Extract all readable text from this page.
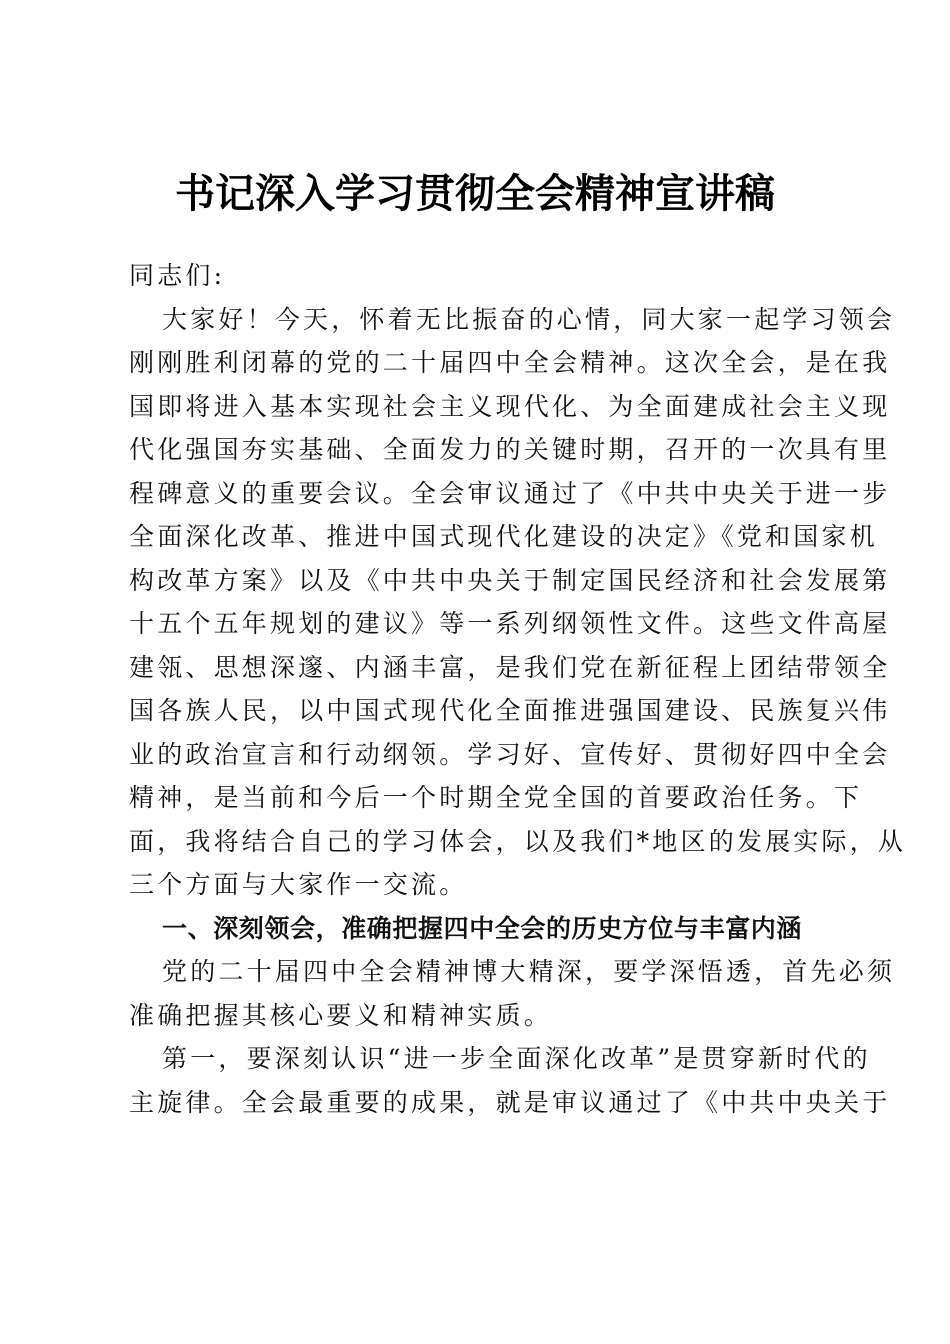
书记深入学习贯彻全会精神宣讲稿
同志们:
大家好！今天，怀着无比振奋的心情，同大家一起学习领会
刚刚胜利闭幕的党的二十届四中全会精神。这次全会，是在我
国即将进入基本实现社会主义现代化、为全面建成社会主义现
代化强国夯实基础、全面发力的关键时期，召开的一次具有里
程碑意义的重要会议。全会审议通过了《中共中央关于进一步
全面深化改革、推进中国式现代化建设的决定》《党和国家机
构改革方案》以及《中共中央关于制定国民经济和社会发展第
十五个五年规划的建议》等一系列纲领性文件。这些文件高屋
建瓴、思想深邃、内涵丰富，是我们党在新征程上团结带领全
国各族人民，以中国式现代化全面推进强国建设、民族复兴伟
业的政治宣言和行动纲领。学习好、宣传好、贯彻好四中全会
精神，是当前和今后一个时期全党全国的首要政治任务。下
面，我将结合自己的学习体会，以及我们*地区的发展实际，从
三个方面与大家作一交流。
一、深刻领会，准确把握四中全会的历史方位与丰富内涵
党的二十届四中全会精神博大精深，要学深悟透，首先必须
准确把握其核心要义和精神实质。
第一，要深刻认识“进一步全面深化改革”是贯穿新时代的
主旋律。全会最重要的成果，就是审议通过了《中共中央关于
